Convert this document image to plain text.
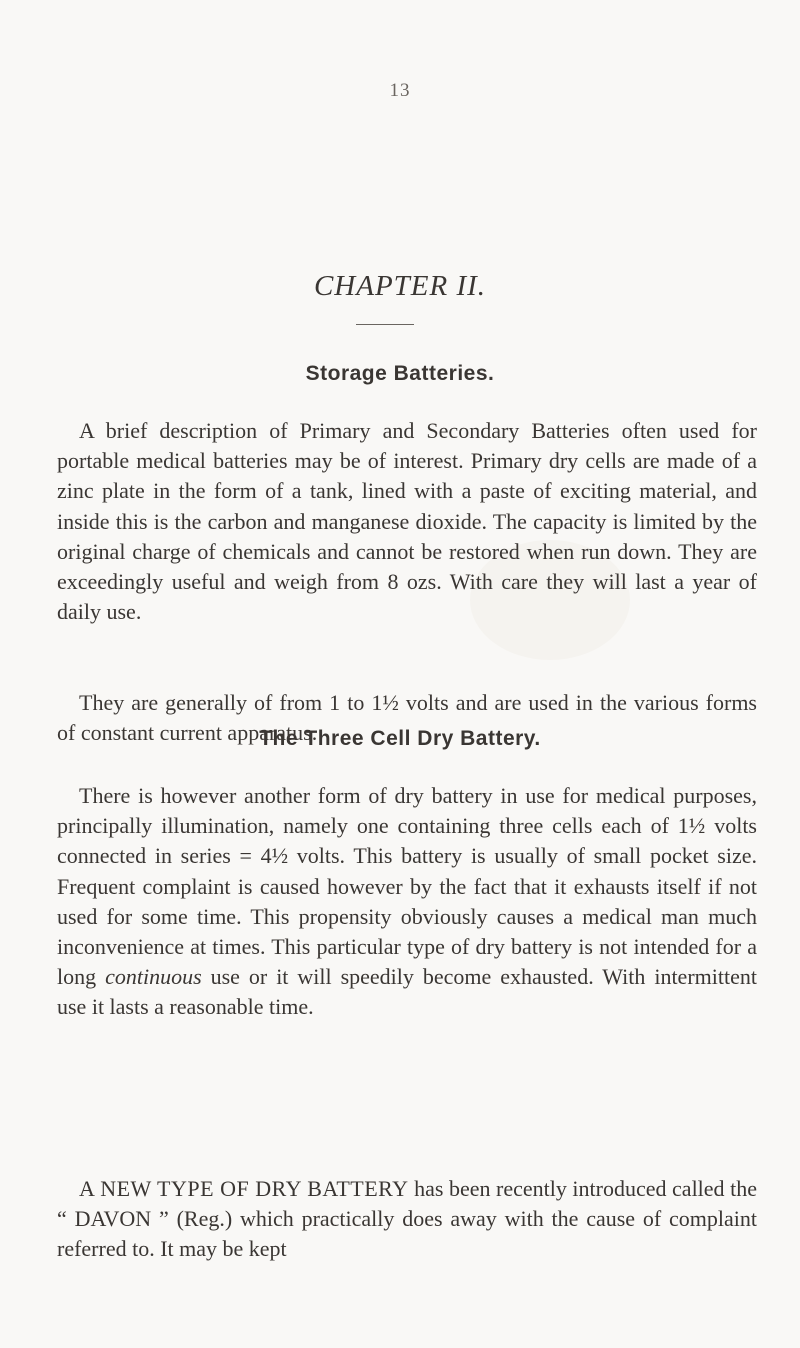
13
CHAPTER II.
Storage Batteries.

A brief description of Primary and Secondary Batteries often used for portable medical batteries may be of interest. Primary dry cells are made of a zinc plate in the form of a tank, lined with a paste of exciting material, and inside this is the carbon and manganese dioxide. The capacity is limited by the original charge of chemicals and cannot be restored when run down. They are exceedingly useful and weigh from 8 ozs. With care they will last a year of daily use.

They are generally of from 1 to 1½ volts and are used in the various forms of constant current apparatus.

The Three Cell Dry Battery.

There is however another form of dry battery in use for medical purposes, principally illumination, namely one containing three cells each of 1½ volts connected in series = 4½ volts. This battery is usually of small pocket size. Frequent complaint is caused however by the fact that it exhausts itself if not used for some time. This propensity obviously causes a medical man much inconvenience at times. This particular type of dry battery is not intended for a long continuous use or it will speedily become exhausted. With intermittent use it lasts a reasonable time.

A NEW TYPE OF DRY BATTERY has been recently introduced called the “ DAVON ” (Reg.) which practically does away with the cause of complaint referred to. It may be kept
